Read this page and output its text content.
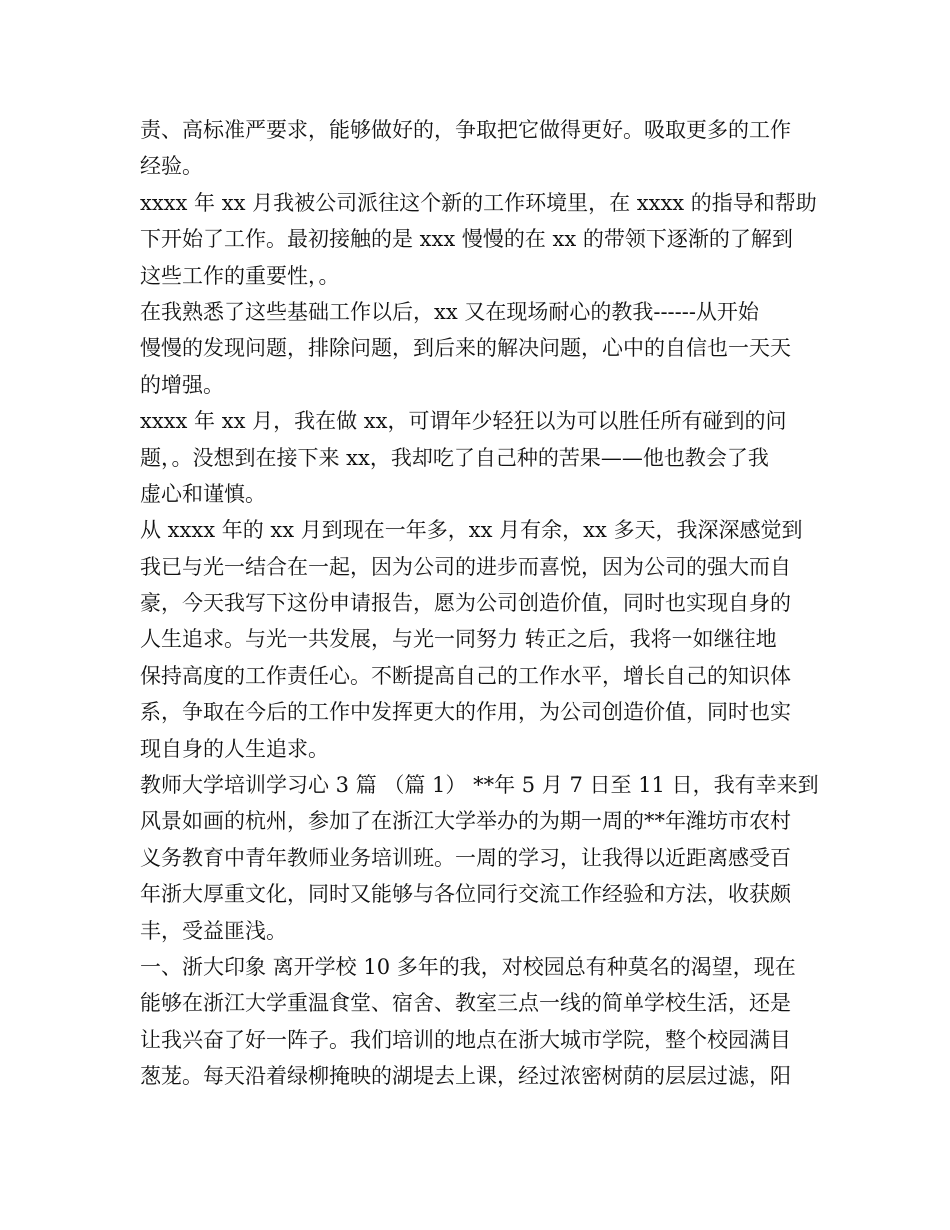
责、高标准严要求，能够做好的，争取把它做得更好。吸取更多的工作
经验。
xxxx 年 xx 月我被公司派往这个新的工作环境里，在 xxxx 的指导和帮助
下开始了工作。最初接触的是 xxx 慢慢的在 xx 的带领下逐渐的了解到
这些工作的重要性，。
在我熟悉了这些基础工作以后，xx 又在现场耐心的教我------从开始
慢慢的发现问题，排除问题，到后来的解决问题，心中的自信也一天天
的增强。
xxxx 年 xx 月，我在做 xx，可谓年少轻狂以为可以胜任所有碰到的问
题，。没想到在接下来 xx，我却吃了自己种的苦果——他也教会了我
虚心和谨慎。
从 xxxx 年的 xx 月到现在一年多，xx 月有余，xx 多天，我深深感觉到
我已与光一结合在一起，因为公司的进步而喜悦，因为公司的强大而自
豪，今天我写下这份申请报告，愿为公司创造价值，同时也实现自身的
人生追求。与光一共发展，与光一同努力 转正之后，我将一如继往地
保持高度的工作责任心。不断提高自己的工作水平，增长自己的知识体
系，争取在今后的工作中发挥更大的作用，为公司创造价值，同时也实
现自身的人生追求。
教师大学培训学习心 3 篇 （篇 1） **年 5 月 7 日至 11 日，我有幸来到
风景如画的杭州，参加了在浙江大学举办的为期一周的**年潍坊市农村
义务教育中青年教师业务培训班。一周的学习，让我得以近距离感受百
年浙大厚重文化，同时又能够与各位同行交流工作经验和方法，收获颇
丰，受益匪浅。
一、浙大印象 离开学校 10 多年的我，对校园总有种莫名的渴望，现在
能够在浙江大学重温食堂、宿舍、教室三点一线的简单学校生活，还是
让我兴奋了好一阵子。我们培训的地点在浙大城市学院，整个校园满目
葱茏。每天沿着绿柳掩映的湖堤去上课，经过浓密树荫的层层过滤，阳
